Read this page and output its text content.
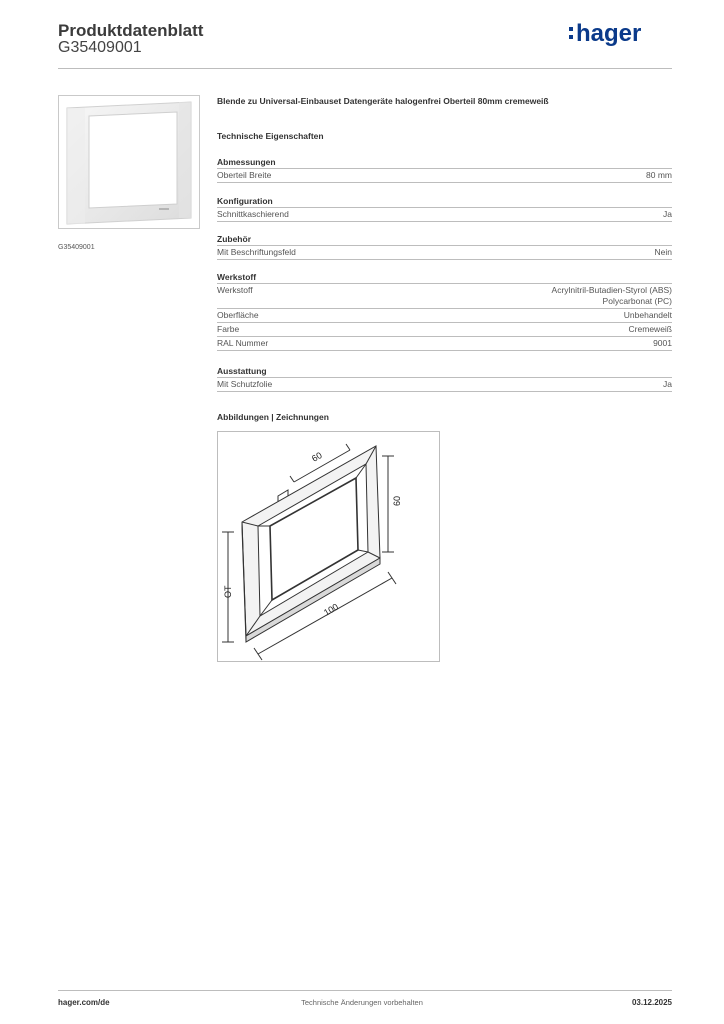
Produktdatenblatt
G35409001
hager
G35409001
Blende zu Universal-Einbauset Datengeräte halogenfrei Oberteil 80mm cremeweiß
Technische Eigenschaften
Abmessungen
Oberteil Breite	80 mm
Konfiguration
Schnittkaschierend	Ja
Zubehör
Mit Beschriftungsfeld	Nein
Werkstoff
Werkstoff	Acrylnitril-Butadien-Styrol (ABS)
Polycarbonat (PC)
Oberfläche	Unbehandelt
Farbe	Cremeweiß
RAL Nummer	9001
Ausstattung
Mit Schutzfolie	Ja
Abbildungen | Zeichnungen
60
60
100
OT
hager.com/de	Technische Änderungen vorbehalten	03.12.2025
